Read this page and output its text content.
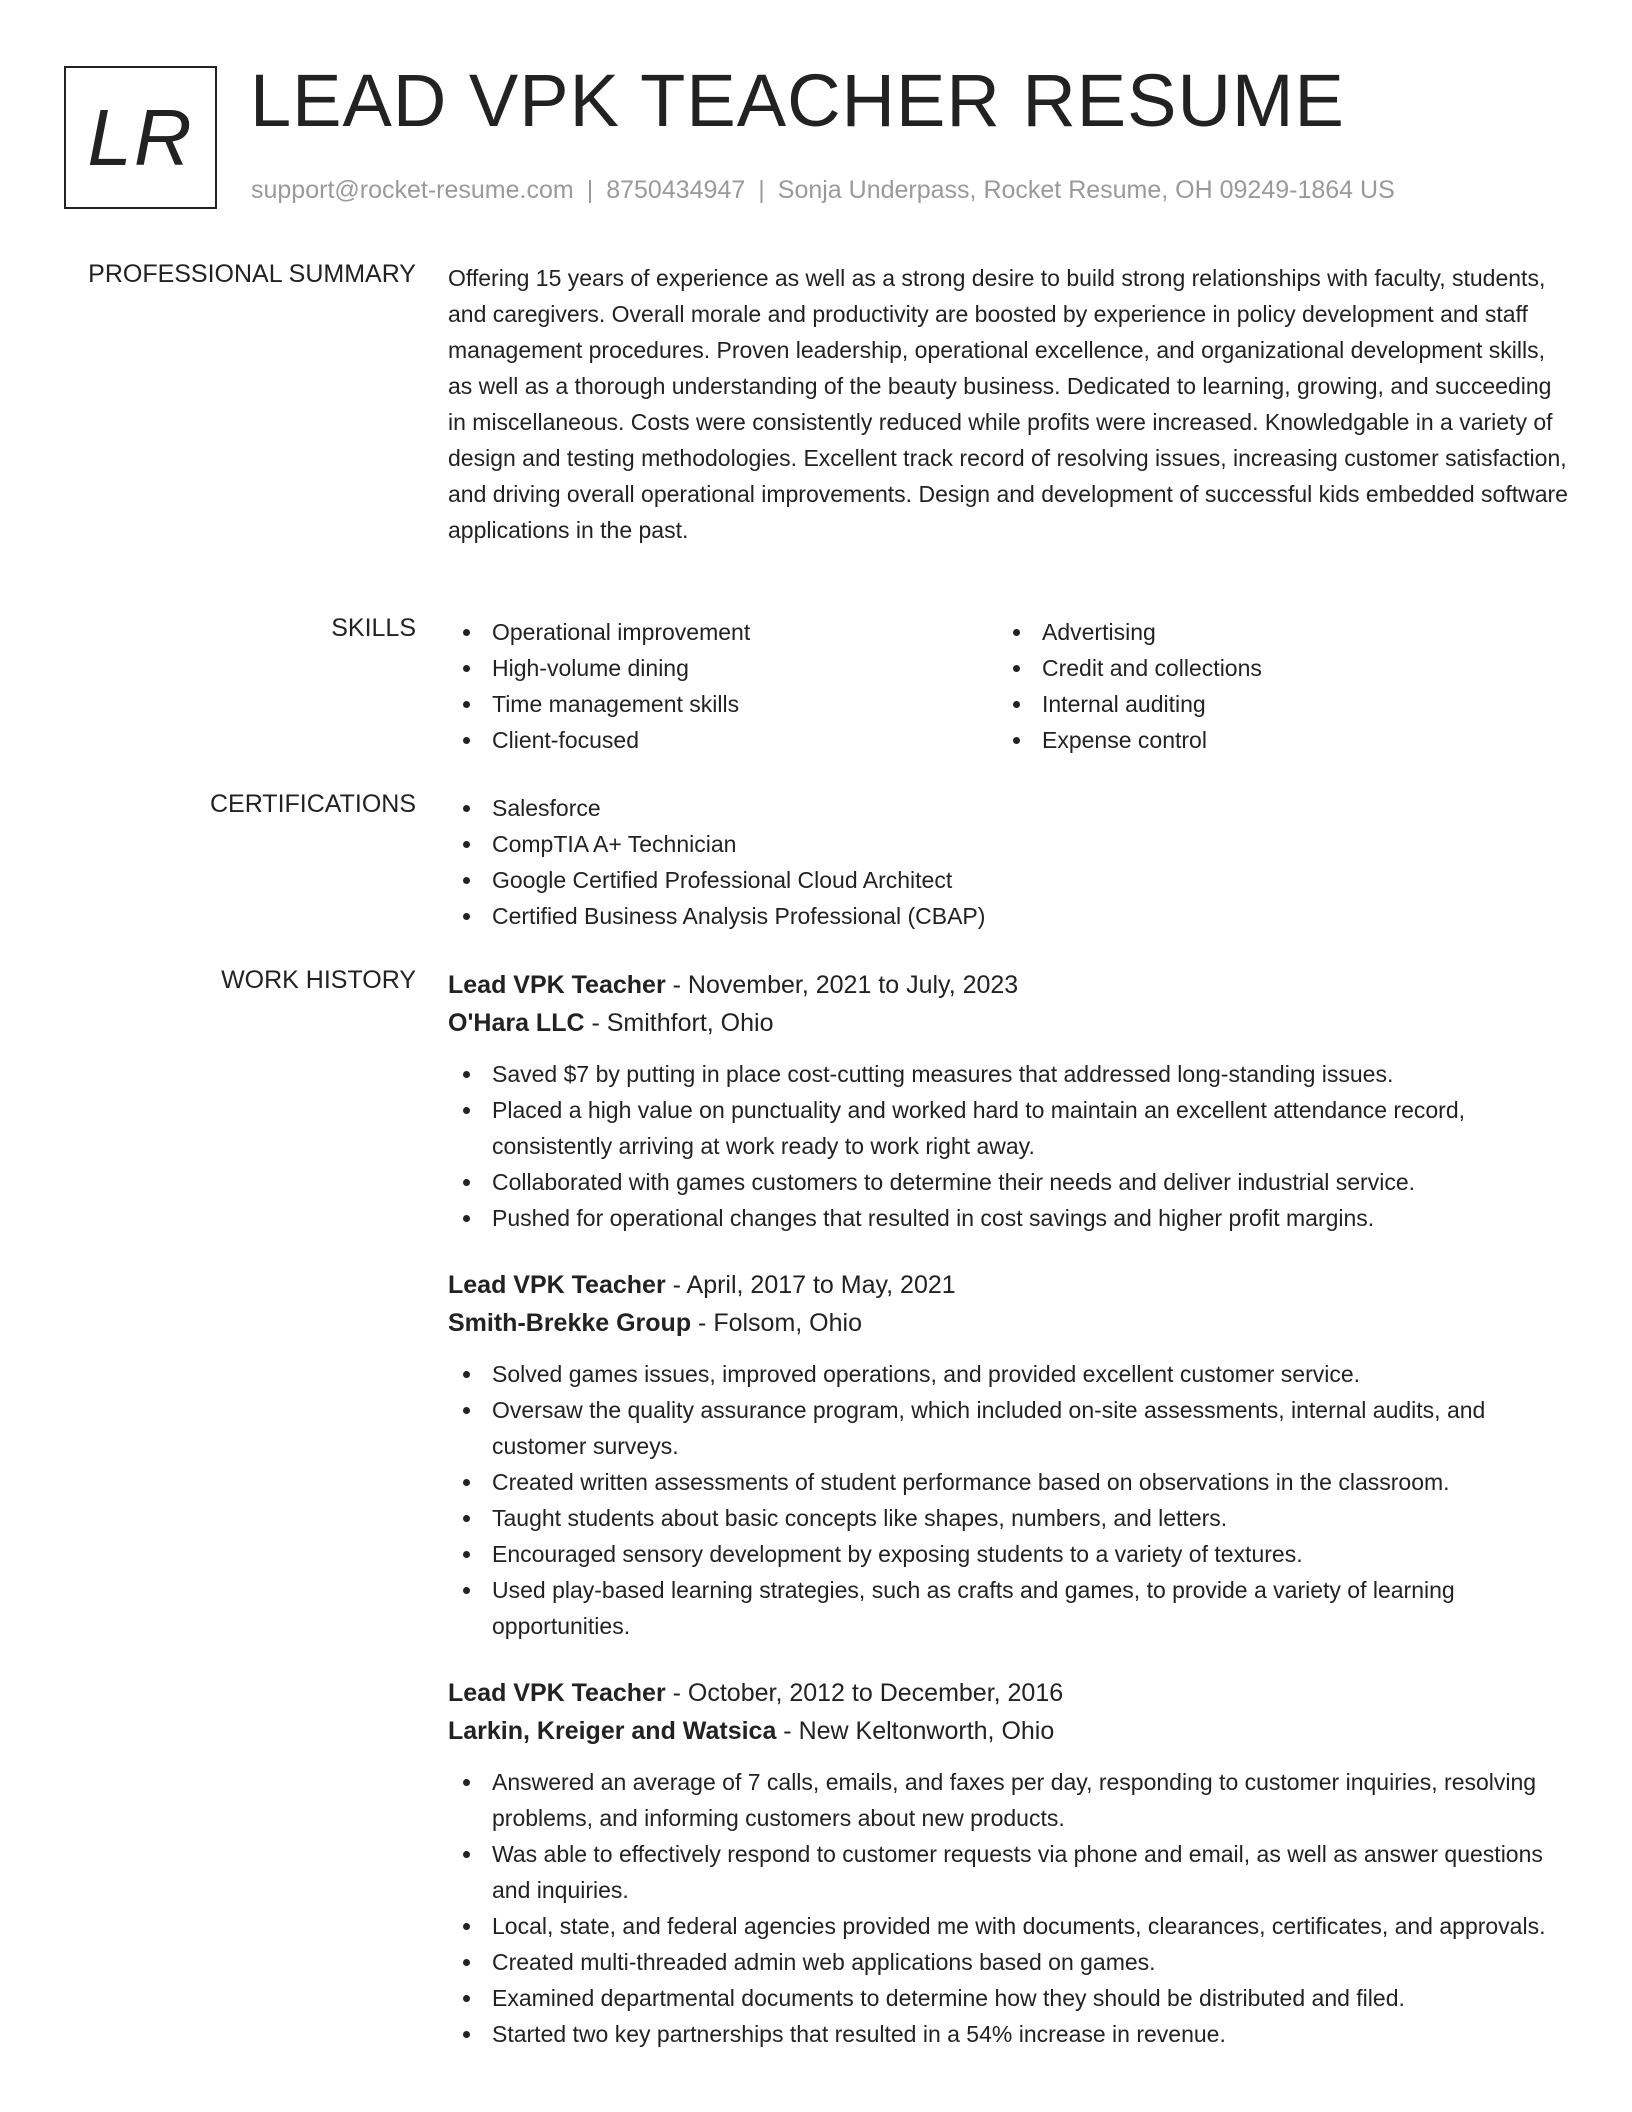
LR LEAD VPK TEACHER RESUME
support@rocket-resume.com | 8750434947 | Sonja Underpass, Rocket Resume, OH 09249-1864 US
PROFESSIONAL SUMMARY Offering 15 years of experience as well as a strong desire to build strong relationships with faculty, students, and caregivers. Overall morale and productivity are boosted by experience in policy development and staff management procedures. Proven leadership, operational excellence, and organizational development skills, as well as a thorough understanding of the beauty business. Dedicated to learning, growing, and succeeding in miscellaneous. Costs were consistently reduced while profits were increased. Knowledgable in a variety of design and testing methodologies. Excellent track record of resolving issues, increasing customer satisfaction, and driving overall operational improvements. Design and development of successful kids embedded software applications in the past.

SKILLS	Operational improvement
High-volume dining
Time management skills
Client-focused
Advertising
Credit and collections
Internal auditing
Expense control
CERTIFICATIONS	Salesforce
CompTIA A+ Technician
Google Certified Professional Cloud Architect
Certified Business Analysis Professional (CBAP)
WORK HISTORY Lead VPK Teacher - November, 2021 to July, 2023
O'Hara LLC - Smithfort, Ohio
Saved $7 by putting in place cost-cutting measures that addressed long-standing issues.
Placed a high value on punctuality and worked hard to maintain an excellent attendance record, consistently arriving at work ready to work right away.
Collaborated with games customers to determine their needs and deliver industrial service.
Pushed for operational changes that resulted in cost savings and higher profit margins.
Lead VPK Teacher - April, 2017 to May, 2021
Smith-Brekke Group - Folsom, Ohio
Solved games issues, improved operations, and provided excellent customer service.
Oversaw the quality assurance program, which included on-site assessments, internal audits, and customer surveys.
Created written assessments of student performance based on observations in the classroom.
Taught students about basic concepts like shapes, numbers, and letters.
Encouraged sensory development by exposing students to a variety of textures.
Used play-based learning strategies, such as crafts and games, to provide a variety of learning opportunities.
Lead VPK Teacher - October, 2012 to December, 2016
Larkin, Kreiger and Watsica - New Keltonworth, Ohio
Answered an average of 7 calls, emails, and faxes per day, responding to customer inquiries, resolving problems, and informing customers about new products.
Was able to effectively respond to customer requests via phone and email, as well as answer questions and inquiries.
Local, state, and federal agencies provided me with documents, clearances, certificates, and approvals.
Created multi-threaded admin web applications based on games.
Examined departmental documents to determine how they should be distributed and filed.
Started two key partnerships that resulted in a 54% increase in revenue.
